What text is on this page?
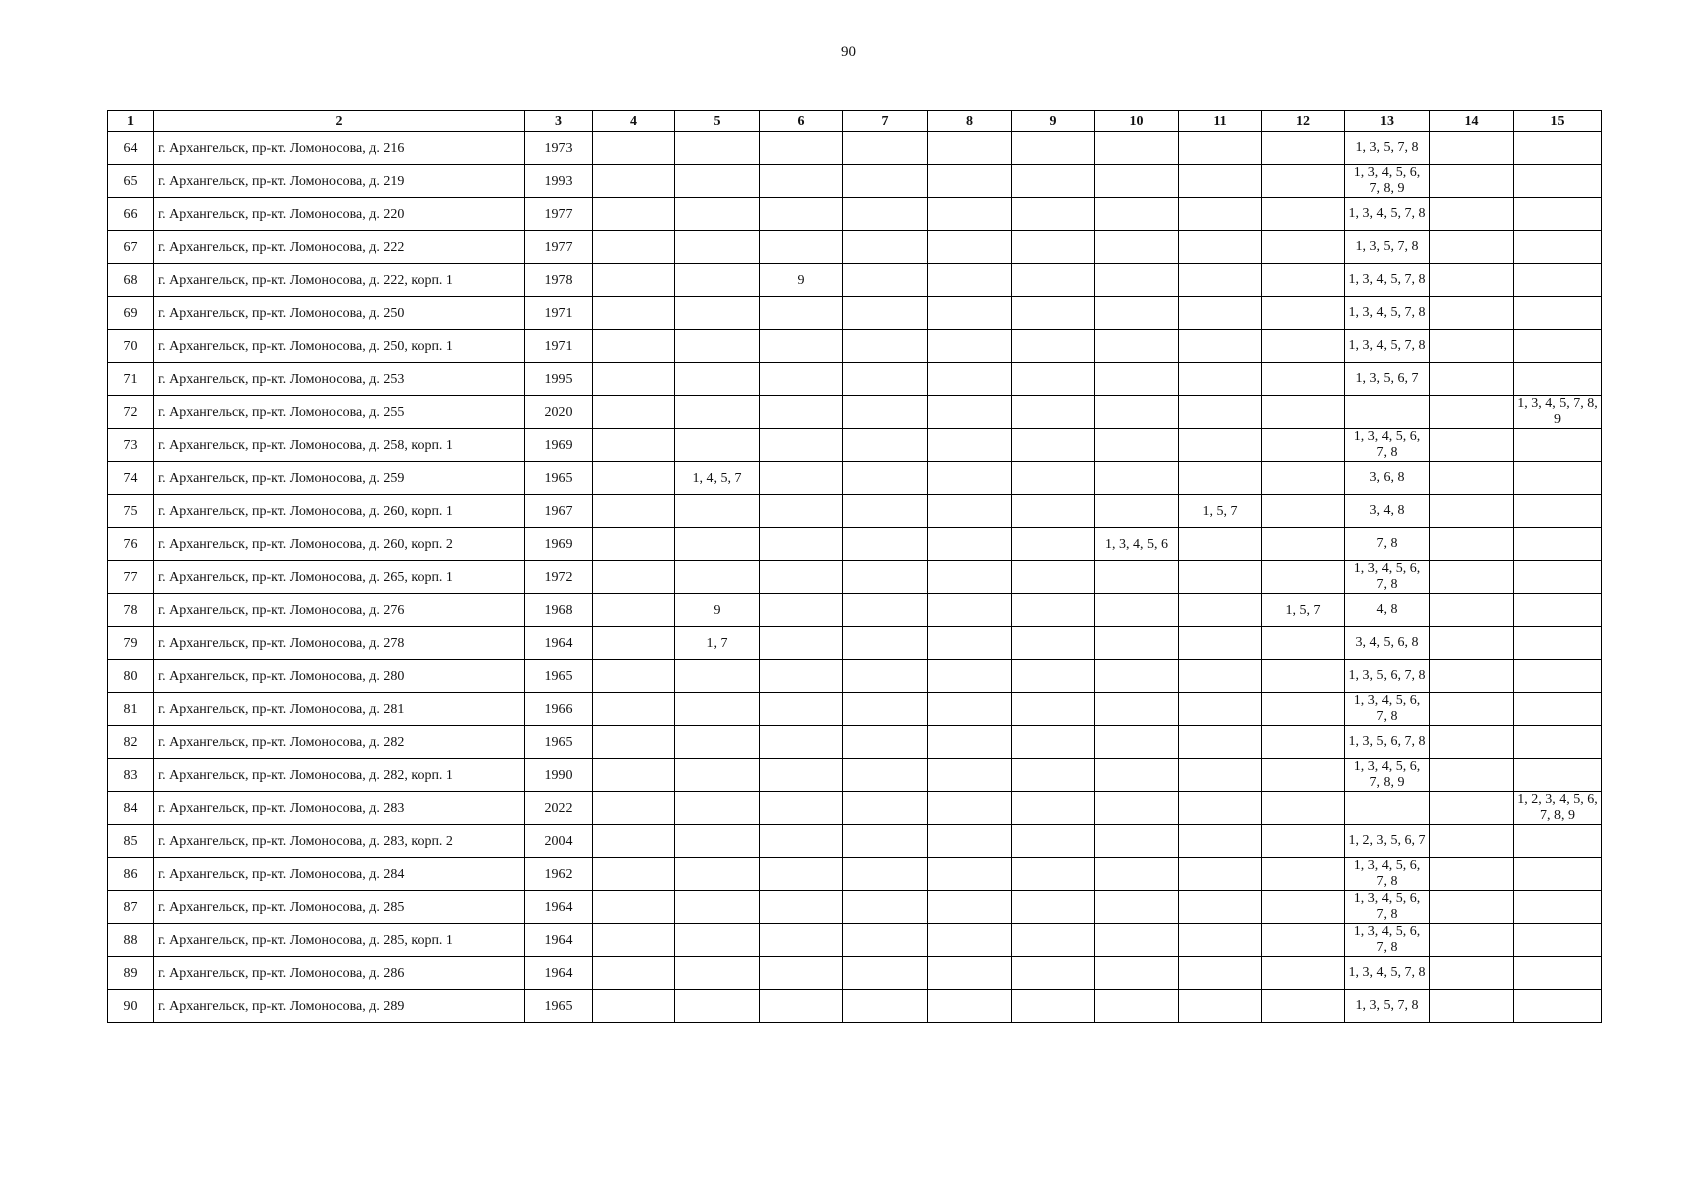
90
1	2	3	4	5	6	7	8	9	10	11	12	13	14	15
64	г. Архангельск, пр-кт. Ломоносова, д. 216	1973										1, 3, 5, 7, 8		
65	г. Архангельск, пр-кт. Ломоносова, д. 219	1993										1, 3, 4, 5, 6, 7, 8, 9		
66	г. Архангельск, пр-кт. Ломоносова, д. 220	1977										1, 3, 4, 5, 7, 8		
67	г. Архангельск, пр-кт. Ломоносова, д. 222	1977										1, 3, 5, 7, 8		
68	г. Архангельск, пр-кт. Ломоносова, д. 222, корп. 1	1978			9							1, 3, 4, 5, 7, 8		
69	г. Архангельск, пр-кт. Ломоносова, д. 250	1971										1, 3, 4, 5, 7, 8		
70	г. Архангельск, пр-кт. Ломоносова, д. 250, корп. 1	1971										1, 3, 4, 5, 7, 8		
71	г. Архангельск, пр-кт. Ломоносова, д. 253	1995										1, 3, 5, 6, 7		
72	г. Архангельск, пр-кт. Ломоносова, д. 255	2020												1, 3, 4, 5, 7, 8, 9
73	г. Архангельск, пр-кт. Ломоносова, д. 258, корп. 1	1969										1, 3, 4, 5, 6, 7, 8		
74	г. Архангельск, пр-кт. Ломоносова, д. 259	1965		1, 4, 5, 7								3, 6, 8		
75	г. Архангельск, пр-кт. Ломоносова, д. 260, корп. 1	1967								1, 5, 7		3, 4, 8		
76	г. Архангельск, пр-кт. Ломоносова, д. 260, корп. 2	1969							1, 3, 4, 5, 6			7, 8		
77	г. Архангельск, пр-кт. Ломоносова, д. 265, корп. 1	1972										1, 3, 4, 5, 6, 7, 8		
78	г. Архангельск, пр-кт. Ломоносова, д. 276	1968		9							1, 5, 7	4, 8		
79	г. Архангельск, пр-кт. Ломоносова, д. 278	1964		1, 7								3, 4, 5, 6, 8		
80	г. Архангельск, пр-кт. Ломоносова, д. 280	1965										1, 3, 5, 6, 7, 8		
81	г. Архангельск, пр-кт. Ломоносова, д. 281	1966										1, 3, 4, 5, 6, 7, 8		
82	г. Архангельск, пр-кт. Ломоносова, д. 282	1965										1, 3, 5, 6, 7, 8		
83	г. Архангельск, пр-кт. Ломоносова, д. 282, корп. 1	1990										1, 3, 4, 5, 6, 7, 8, 9		
84	г. Архангельск, пр-кт. Ломоносова, д. 283	2022												1, 2, 3, 4, 5, 6, 7, 8, 9
85	г. Архангельск, пр-кт. Ломоносова, д. 283, корп. 2	2004										1, 2, 3, 5, 6, 7		
86	г. Архангельск, пр-кт. Ломоносова, д. 284	1962										1, 3, 4, 5, 6, 7, 8		
87	г. Архангельск, пр-кт. Ломоносова, д. 285	1964										1, 3, 4, 5, 6, 7, 8		
88	г. Архангельск, пр-кт. Ломоносова, д. 285, корп. 1	1964										1, 3, 4, 5, 6, 7, 8		
89	г. Архангельск, пр-кт. Ломоносова, д. 286	1964										1, 3, 4, 5, 7, 8		
90	г. Архангельск, пр-кт. Ломоносова, д. 289	1965										1, 3, 5, 7, 8		
